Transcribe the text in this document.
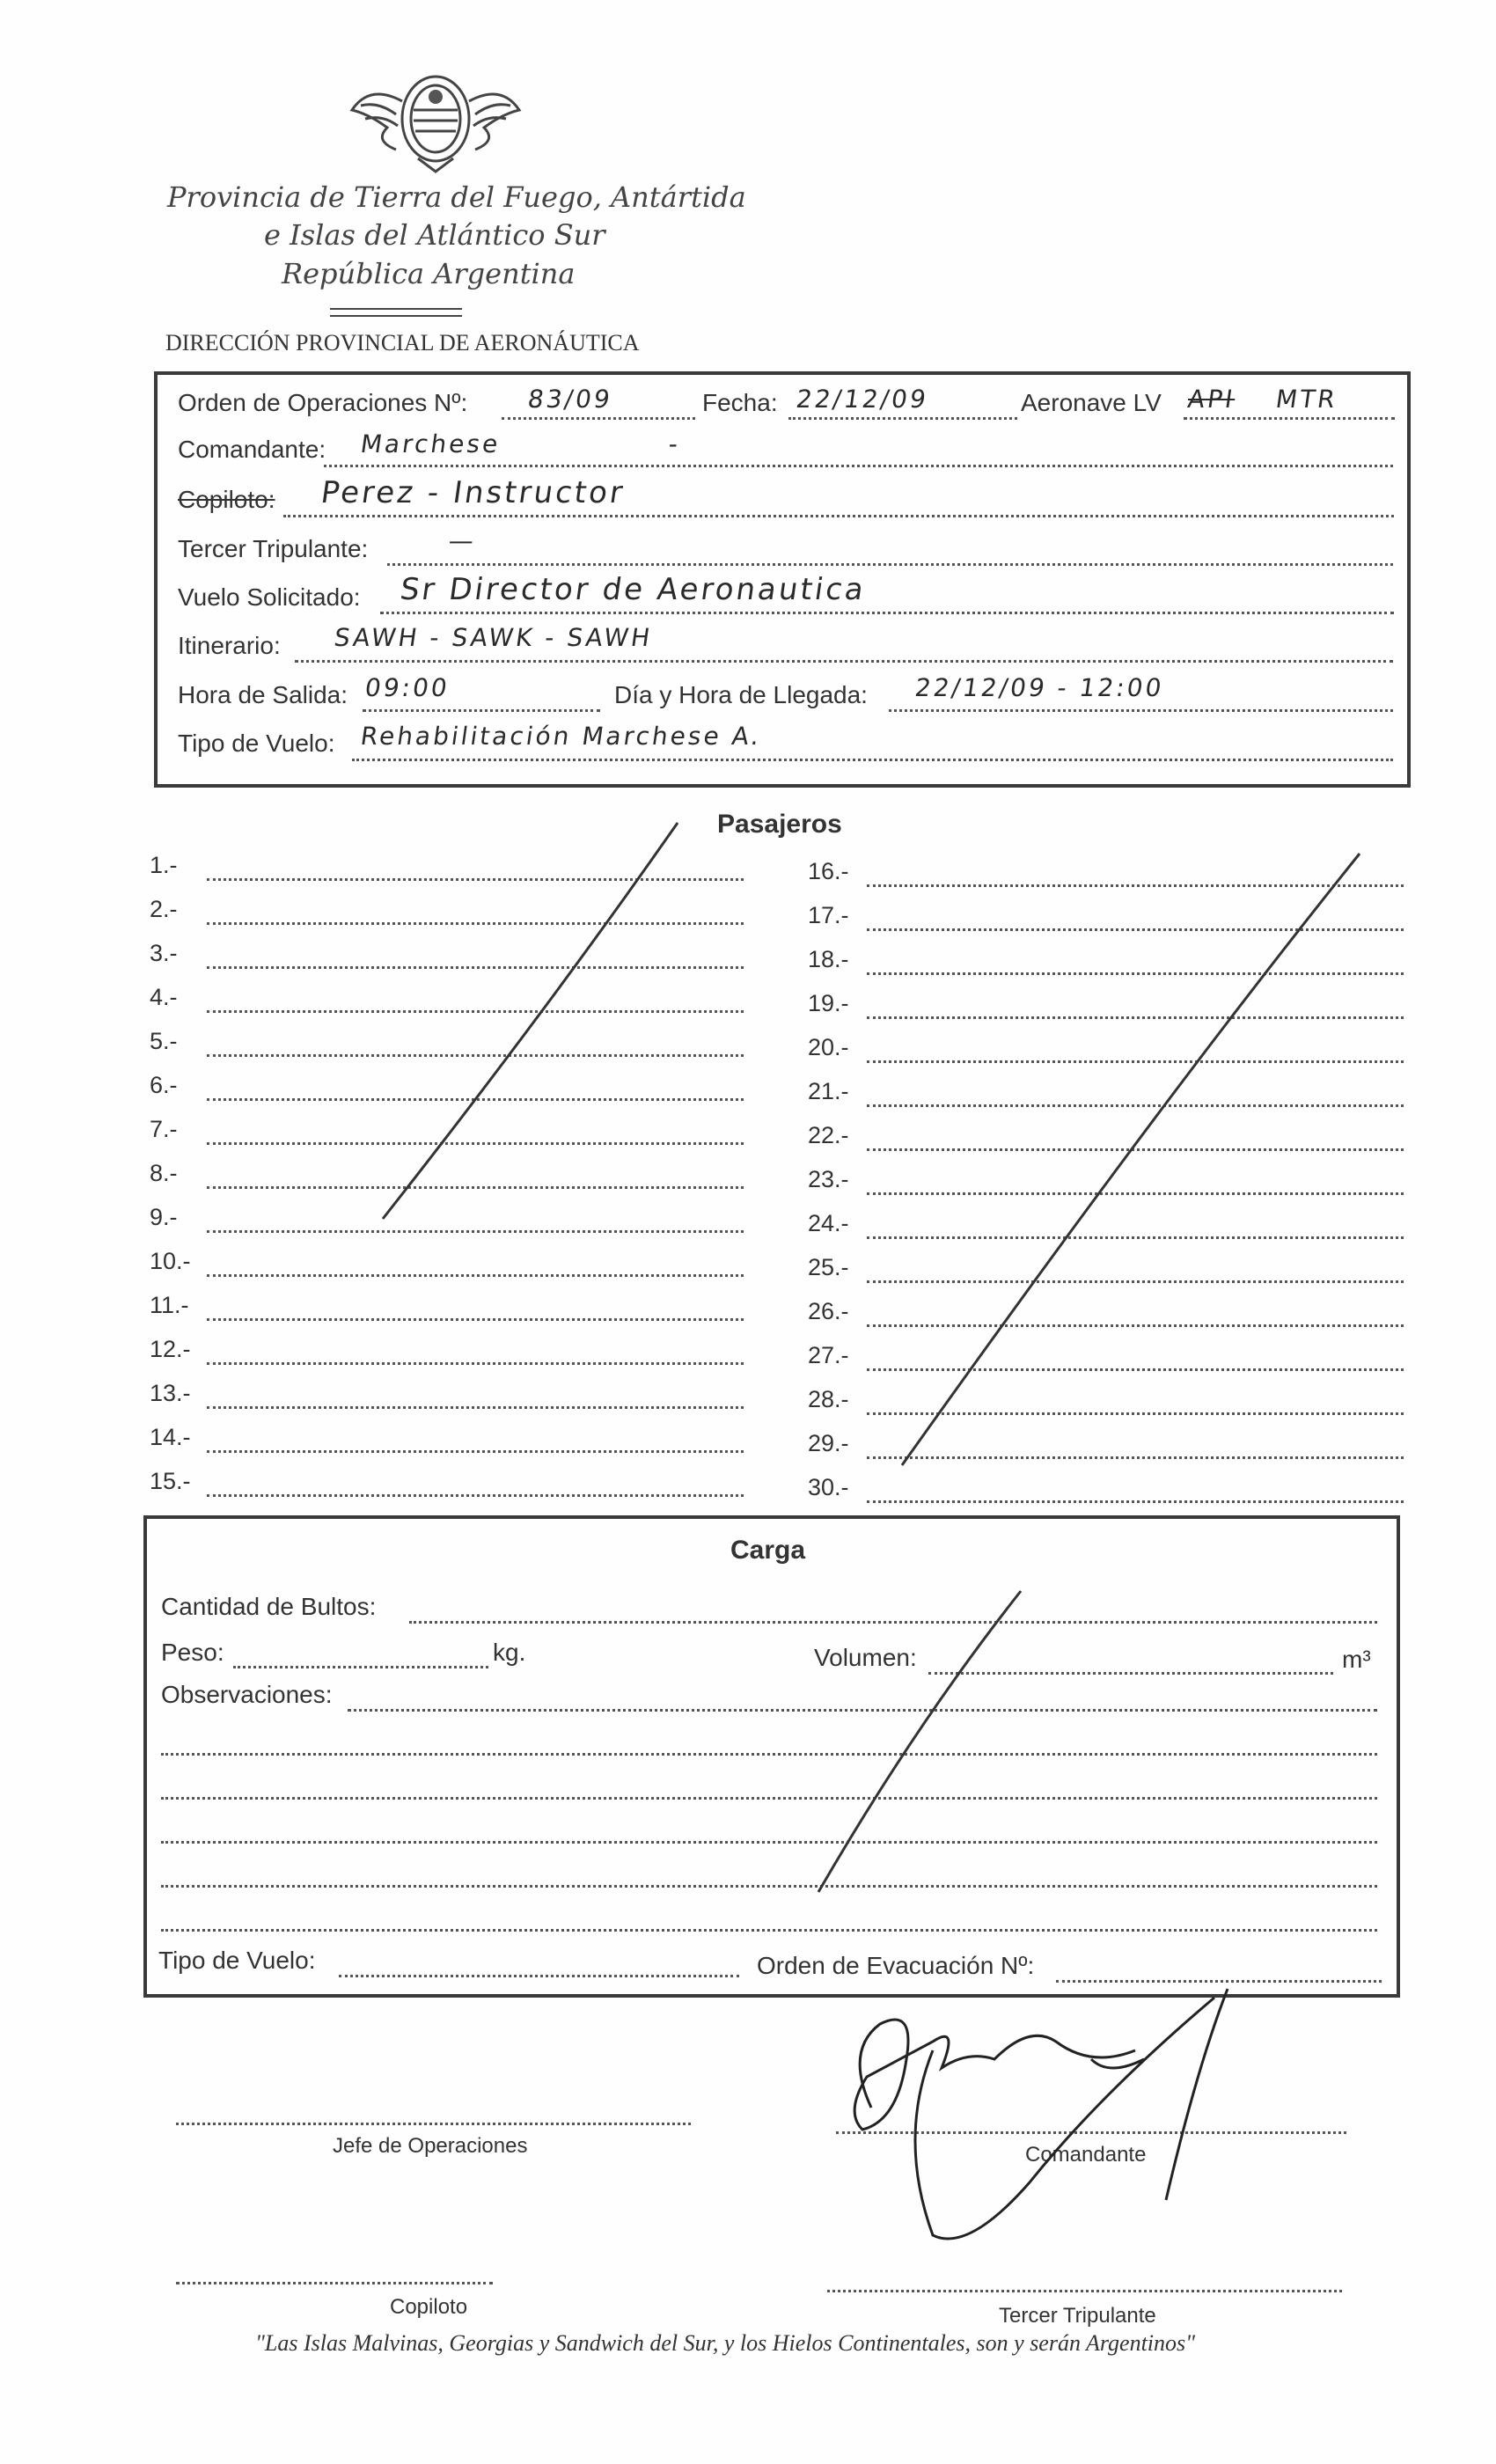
Provincia de Tierra del Fuego, Antártida
e Islas del Atlántico Sur
República Argentina
DIRECCIÓN PROVINCIAL DE AERONÁUTICA
Orden de Operaciones Nº: 83/09	Fecha: 22/12/09	Aeronave LV API MTR
Comandante: Marchese	-
Copiloto: Perez - Instructor
Tercer Tripulante:	—
Vuelo Solicitado: Sr Director de Aeronautica
Itinerario: SAWH - SAWK - SAWH
Hora de Salida: 09:00	Día y Hora de Llegada: 22/12/09 - 12:00
Tipo de Vuelo: Rehabilitación Marchese A.
Pasajeros
1.-
2.-
3.-
4.-
5.-
6.-
7.-
8.-
9.-
10.-
11.-
12.-
13.-
14.-
15.-
16.-
17.-
18.-
19.-
20.-
21.-
22.-
23.-
24.-
25.-
26.-
27.-
28.-
29.-
30.-
Carga
Cantidad de Bultos:
Peso:	kg.	Volumen:	m³
Observaciones:
Tipo de Vuelo:	Orden de Evacuación Nº:
Jefe de Operaciones	Comandante
Copiloto	Tercer Tripulante
"Las Islas Malvinas, Georgias y Sandwich del Sur, y los Hielos Continentales, son y serán Argentinos"
